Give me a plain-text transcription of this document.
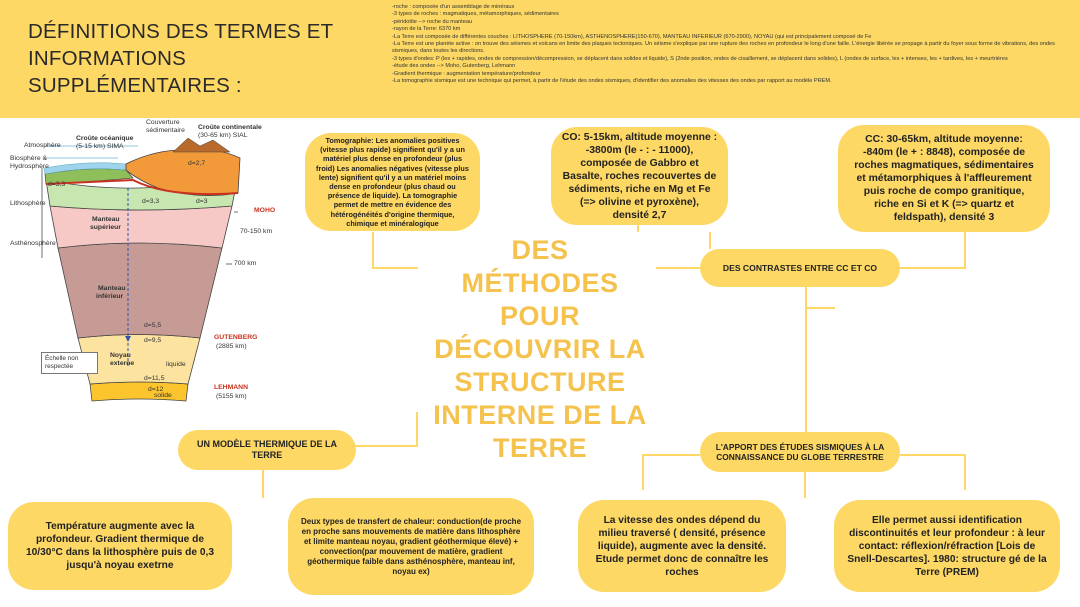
DÉFINITIONS DES TERMES ET
INFORMATIONS
SUPPLÉMENTAIRES :
-roche : composée d'un assemblage de minéraux
-3 types de roches : magmatiques, métamorphiques, sédimentaires
-péridotite --> roche du manteau
-rayon de la Terre: 6370 km
-La Terre est composée de différentes couches : LITHOSPHERE (70-150km), ASTHENOSPHERE(150-670), MANTEAU INFERIEUR (670-2900), NOYAU (qui est principalement composé de Fe
-La Terre est une planète active : on trouve des séismes et volcans en limite des plaques tectoniques. Un séisme s'explique par une rupture des roches en profondeur le long d'une faille. L'énergie libérée se propage à partir du foyer sous forme de vibrations, des ondes sismiques, dans toutes les directions.
-3 types d'ondes: P (les + rapides, ondes de compression/décompression, se déplacent dans solides et liquide), S (2nde position, ondes de cisaillement, se déplacent dans solides), L (ondes de surface, les + intenses, les + tardives, les + meurtrières
-étude des ondes --> Moho, Gutenberg, Lehmann
-Gradient thermique : augmentation température/profondeur
-La tomographie sismique est une technique qui permet, à partir de l'étude des ondes sismiques, d'identifier des anomalies des vitesses des ondes par rapport au modèle PREM.
DES
MÉTHODES
POUR
DÉCOUVRIR LA
STRUCTURE
INTERNE DE LA
TERRE
Tomographie: Les anomalies positives (vitesse plus rapide) signifient qu'il y a un matériel plus dense en profondeur (plus froid) Les anomalies négatives (vitesse plus lente) signifient qu'il y a un matériel moins dense en profondeur (plus chaud ou présence de liquide). La tomographie permet de mettre en évidence des hétérogénéités d'origine thermique, chimique et minéralogique
CO: 5-15km, altitude moyenne : -3800m (le - : - 11000), composée de Gabbro et Basalte, roches recouvertes de sédiments, riche en Mg et Fe (=> olivine et pyroxène), densité 2,7
CC: 30-65km, altitude moyenne: -840m (le + : 8848), composée de roches magmatiques, sédimentaires et métamorphiques à l'affleurement puis roche de compo granitique, riche en Si et K (=> quartz et feldspath), densité 3
DES CONTRASTES ENTRE CC ET CO
UN MODÈLE THERMIQUE DE LA TERRE
L'APPORT DES ÉTUDES SISMIQUES À LA CONNAISSANCE DU GLOBE TERRESTRE
Température augmente avec la profondeur. Gradient thermique de 10/30°C dans la lithosphère puis de 0,3 jusqu'à noyau exetrne
Deux types de transfert de chaleur: conduction(de proche en proche sans mouvements de matière dans lithosphère et limite manteau noyau, gradient géothermique élevé) + convection(par mouvement de matière, gradient géothermique faible dans asthénosphère, manteau inf, noyau ex)
La vitesse des ondes dépend du milieu traversé ( densité, présence liquide), augmente avec la densité. Etude permet donc de connaître les roches
Elle permet aussi identification discontinuités et leur profondeur : à leur contact: réflexion/réfraction [Lois de Snell-Descartes]. 1980: structure gé de la Terre (PREM)
Atmosphère
Biosphère &
Hydrosphère
Lithosphère
Asthénosphère
Croûte océanique
(5-15 km) SIMA
Couverture
sédimentaire Croûte continentale
(30-65 km) SIAL
Manteau
supérieur
Manteau
inférieur
Noyau
externe	liquide
solide
d=2,7
d=3,3
d=3,3	d=3
d=5,5
d=9,5
d=11,5
d=12
MOHO
70-150 km
700 km
GUTENBERG
(2885 km)
LEHMANN
(5155 km)
Échelle non respectée
